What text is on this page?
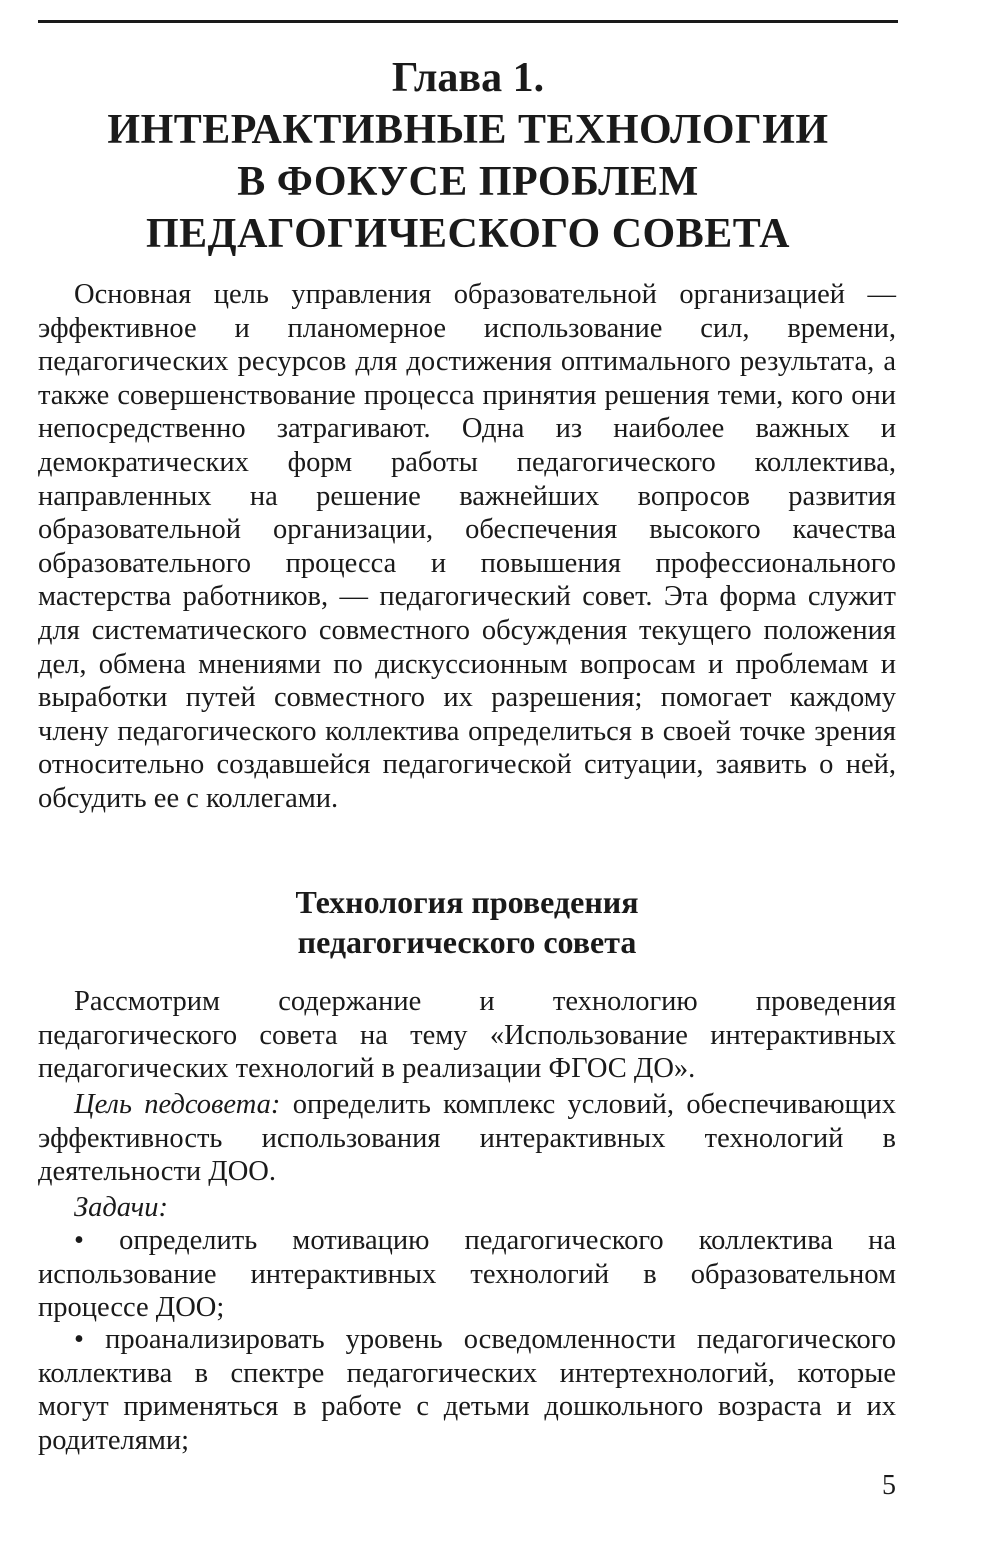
Глава 1.
ИНТЕРАКТИВНЫЕ ТЕХНОЛОГИИ
В ФОКУСЕ ПРОБЛЕМ
ПЕДАГОГИЧЕСКОГО СОВЕТА

Основная цель управления образовательной организацией — эффективное и планомерное использование сил, времени, педагогических ресурсов для достижения оптимального результата, а также совершенствование процесса принятия решения теми, кого они непосредственно затрагивают. Одна из наиболее важных и демократических форм работы педагогического коллектива, направленных на решение важнейших вопросов развития образовательной организации, обеспечения высокого качества образовательного процесса и повышения профессионального мастерства работников, — педагогический совет. Эта форма служит для систематического совместного обсуждения текущего положения дел, обмена мнениями по дискуссионным вопросам и проблемам и выработки путей совместного их разрешения; помогает каждому члену педагогического коллектива определиться в своей точке зрения относительно создавшейся педагогической ситуации, заявить о ней, обсудить ее с коллегами.

Технология проведения
педагогического совета

Рассмотрим содержание и технологию проведения педагогического совета на тему «Использование интерактивных педагогических технологий в реализации ФГОС ДО».

Цель педсовета: определить комплекс условий, обеспечивающих эффективность использования интерактивных технологий в деятельности ДОО.

Задачи:

• определить мотивацию педагогического коллектива на использование интерактивных технологий в образовательном процессе ДОО;

• проанализировать уровень осведомленности педагогического коллектива в спектре педагогических интертехнологий, которые могут применяться в работе с детьми дошкольного возраста и их родителями;

5
